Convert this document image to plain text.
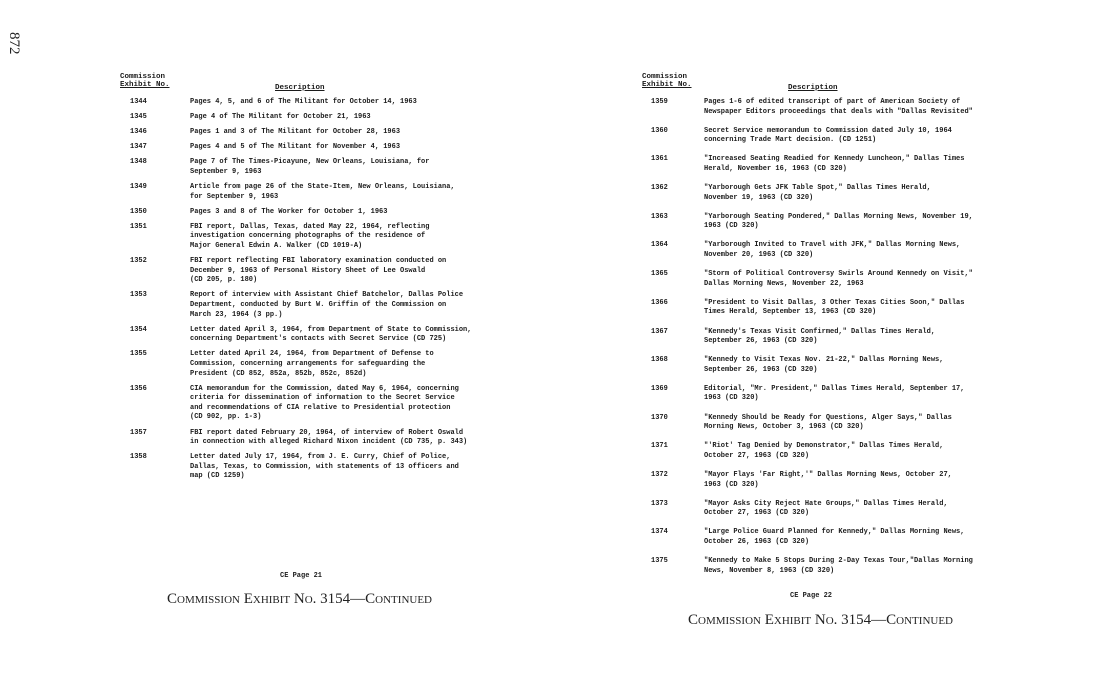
872
Commission
Exhibit No.	Description
1344	Pages 4, 5, and 6 of The Militant for October 14, 1963
1345	Page 4 of The Militant for October 21, 1963
1346	Pages 1 and 3 of The Militant for October 28, 1963
1347	Pages 4 and 5 of The Militant for November 4, 1963
1348	Page 7 of The Times-Picayune, New Orleans, Louisiana, for
September 9, 1963
1349	Article from page 26 of the State-Item, New Orleans, Louisiana,
for September 9, 1963
1350	Pages 3 and 8 of The Worker for October 1, 1963
1351	FBI report, Dallas, Texas, dated May 22, 1964, reflecting
investigation concerning photographs of the residence of
Major General Edwin A. Walker (CD 1019-A)
1352	FBI report reflecting FBI laboratory examination conducted on
December 9, 1963 of Personal History Sheet of Lee Oswald
(CD 205, p. 180)
1353	Report of interview with Assistant Chief Batchelor, Dallas Police
Department, conducted by Burt W. Griffin of the Commission on
March 23, 1964 (3 pp.)
1354	Letter dated April 3, 1964, from Department of State to Commission,
concerning Department's contacts with Secret Service (CD 725)
1355	Letter dated April 24, 1964, from Department of Defense to
Commission, concerning arrangements for safeguarding the
President (CD 852, 852a, 852b, 852c, 852d)
1356	CIA memorandum for the Commission, dated May 6, 1964, concerning
criteria for dissemination of information to the Secret Service
and recommendations of CIA relative to Presidential protection
(CD 902, pp. 1-3)
1357	FBI report dated February 20, 1964, of interview of Robert Oswald
in connection with alleged Richard Nixon incident (CD 735, p. 343)
1358	Letter dated July 17, 1964, from J. E. Curry, Chief of Police,
Dallas, Texas, to Commission, with statements of 13 officers and
map (CD 1259)
CE Page 21
Commission
Exhibit No.	Description
1359	Pages 1-6 of edited transcript of part of American Society of
Newspaper Editors proceedings that deals with "Dallas Revisited"
1360	Secret Service memorandum to Commission dated July 10, 1964
concerning Trade Mart decision. (CD 1251)
1361	"Increased Seating Readied for Kennedy Luncheon," Dallas Times
Herald, November 16, 1963 (CD 320)
1362	"Yarborough Gets JFK Table Spot," Dallas Times Herald,
November 19, 1963 (CD 320)
1363	"Yarborough Seating Pondered," Dallas Morning News, November 19,
1963 (CD 320)
1364	"Yarborough Invited to Travel with JFK," Dallas Morning News,
November 20, 1963 (CD 320)
1365	"Storm of Political Controversy Swirls Around Kennedy on Visit,"
Dallas Morning News, November 22, 1963
1366	"President to Visit Dallas, 3 Other Texas Cities Soon," Dallas
Times Herald, September 13, 1963 (CD 320)
1367	"Kennedy's Texas Visit Confirmed," Dallas Times Herald,
September 26, 1963 (CD 320)
1368	"Kennedy to Visit Texas Nov. 21-22," Dallas Morning News,
September 26, 1963 (CD 320)
1369	Editorial, "Mr. President," Dallas Times Herald, September 17,
1963 (CD 320)
1370	"Kennedy Should be Ready for Questions, Alger Says," Dallas
Morning News, October 3, 1963 (CD 320)
1371	"'Riot' Tag Denied by Demonstrator," Dallas Times Herald,
October 27, 1963 (CD 320)
1372	"Mayor Flays 'Far Right,'" Dallas Morning News, October 27,
1963 (CD 320)
1373	"Mayor Asks City Reject Hate Groups," Dallas Times Herald,
October 27, 1963 (CD 320)
1374	"Large Police Guard Planned for Kennedy," Dallas Morning News,
October 26, 1963 (CD 320)
1375	"Kennedy to Make 5 Stops During 2-Day Texas Tour,"Dallas Morning
News, November 8, 1963 (CD 320)
CE Page 22
Commission Exhibit No. 3154—Continued
Commission Exhibit No. 3154—Continued
